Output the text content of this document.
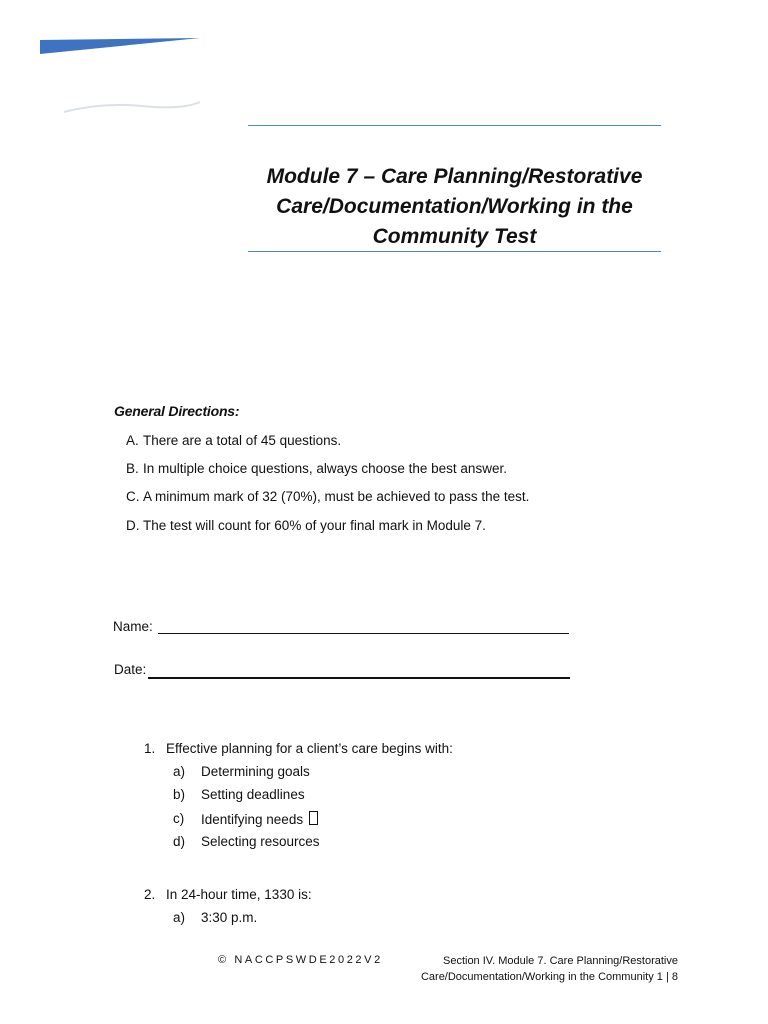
Module 7 – Care Planning/Restorative
Care/Documentation/Working in the
Community Test
General Directions:
A. There are a total of 45 questions.
B. In multiple choice questions, always choose the best answer.
C. A minimum mark of 32 (70%), must be achieved to pass the test.
D. The test will count for 60% of your final mark in Module 7.
Name:
Date:
1. Effective planning for a client’s care begins with:
a) Determining goals
b) Setting deadlines
c) Identifying needs
d) Selecting resources
2. In 24-hour time, 1330 is:
a) 3:30 p.m.
© NACCPSWDE2022V2	Section IV. Module 7. Care Planning/Restorative
Care/Documentation/Working in the Community 1 | 8
